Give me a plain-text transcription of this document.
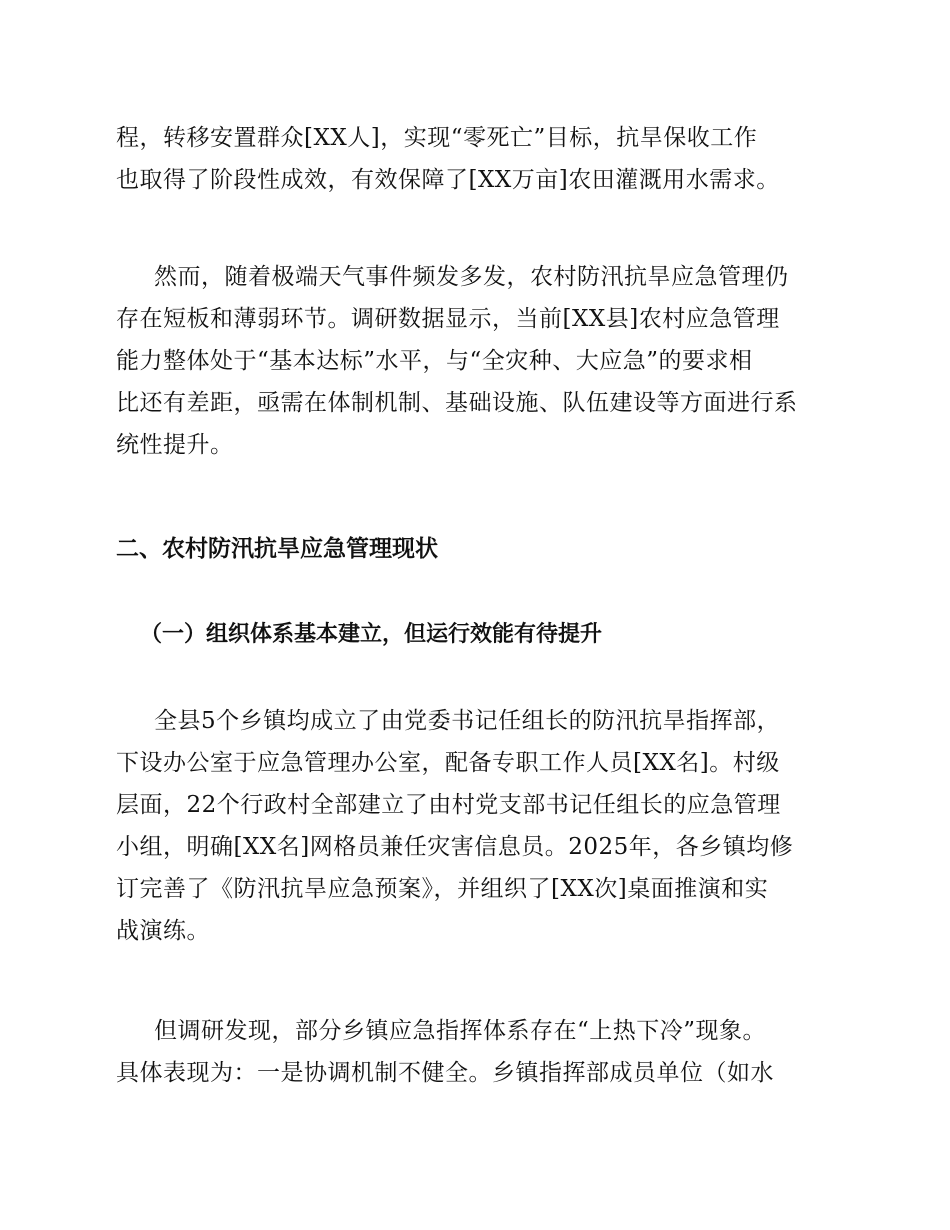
程，转移安置群众[XX人]，实现“零死亡”目标，抗旱保收工作
也取得了阶段性成效，有效保障了[XX万亩]农田灌溉用水需求。

然而，随着极端天气事件频发多发，农村防汛抗旱应急管理仍
存在短板和薄弱环节。调研数据显示，当前[XX县]农村应急管理
能力整体处于“基本达标”水平，与“全灾种、大应急”的要求相
比还有差距，亟需在体制机制、基础设施、队伍建设等方面进行系
统性提升。

二、农村防汛抗旱应急管理现状
（一）组织体系基本建立，但运行效能有待提升

全县5个乡镇均成立了由党委书记任组长的防汛抗旱指挥部，
下设办公室于应急管理办公室，配备专职工作人员[XX名]。村级
层面，22个行政村全部建立了由村党支部书记任组长的应急管理
小组，明确[XX名]网格员兼任灾害信息员。2025年，各乡镇均修
订完善了《防汛抗旱应急预案》，并组织了[XX次]桌面推演和实
战演练。

但调研发现，部分乡镇应急指挥体系存在“上热下冷”现象。
具体表现为：一是协调机制不健全。乡镇指挥部成员单位（如水
